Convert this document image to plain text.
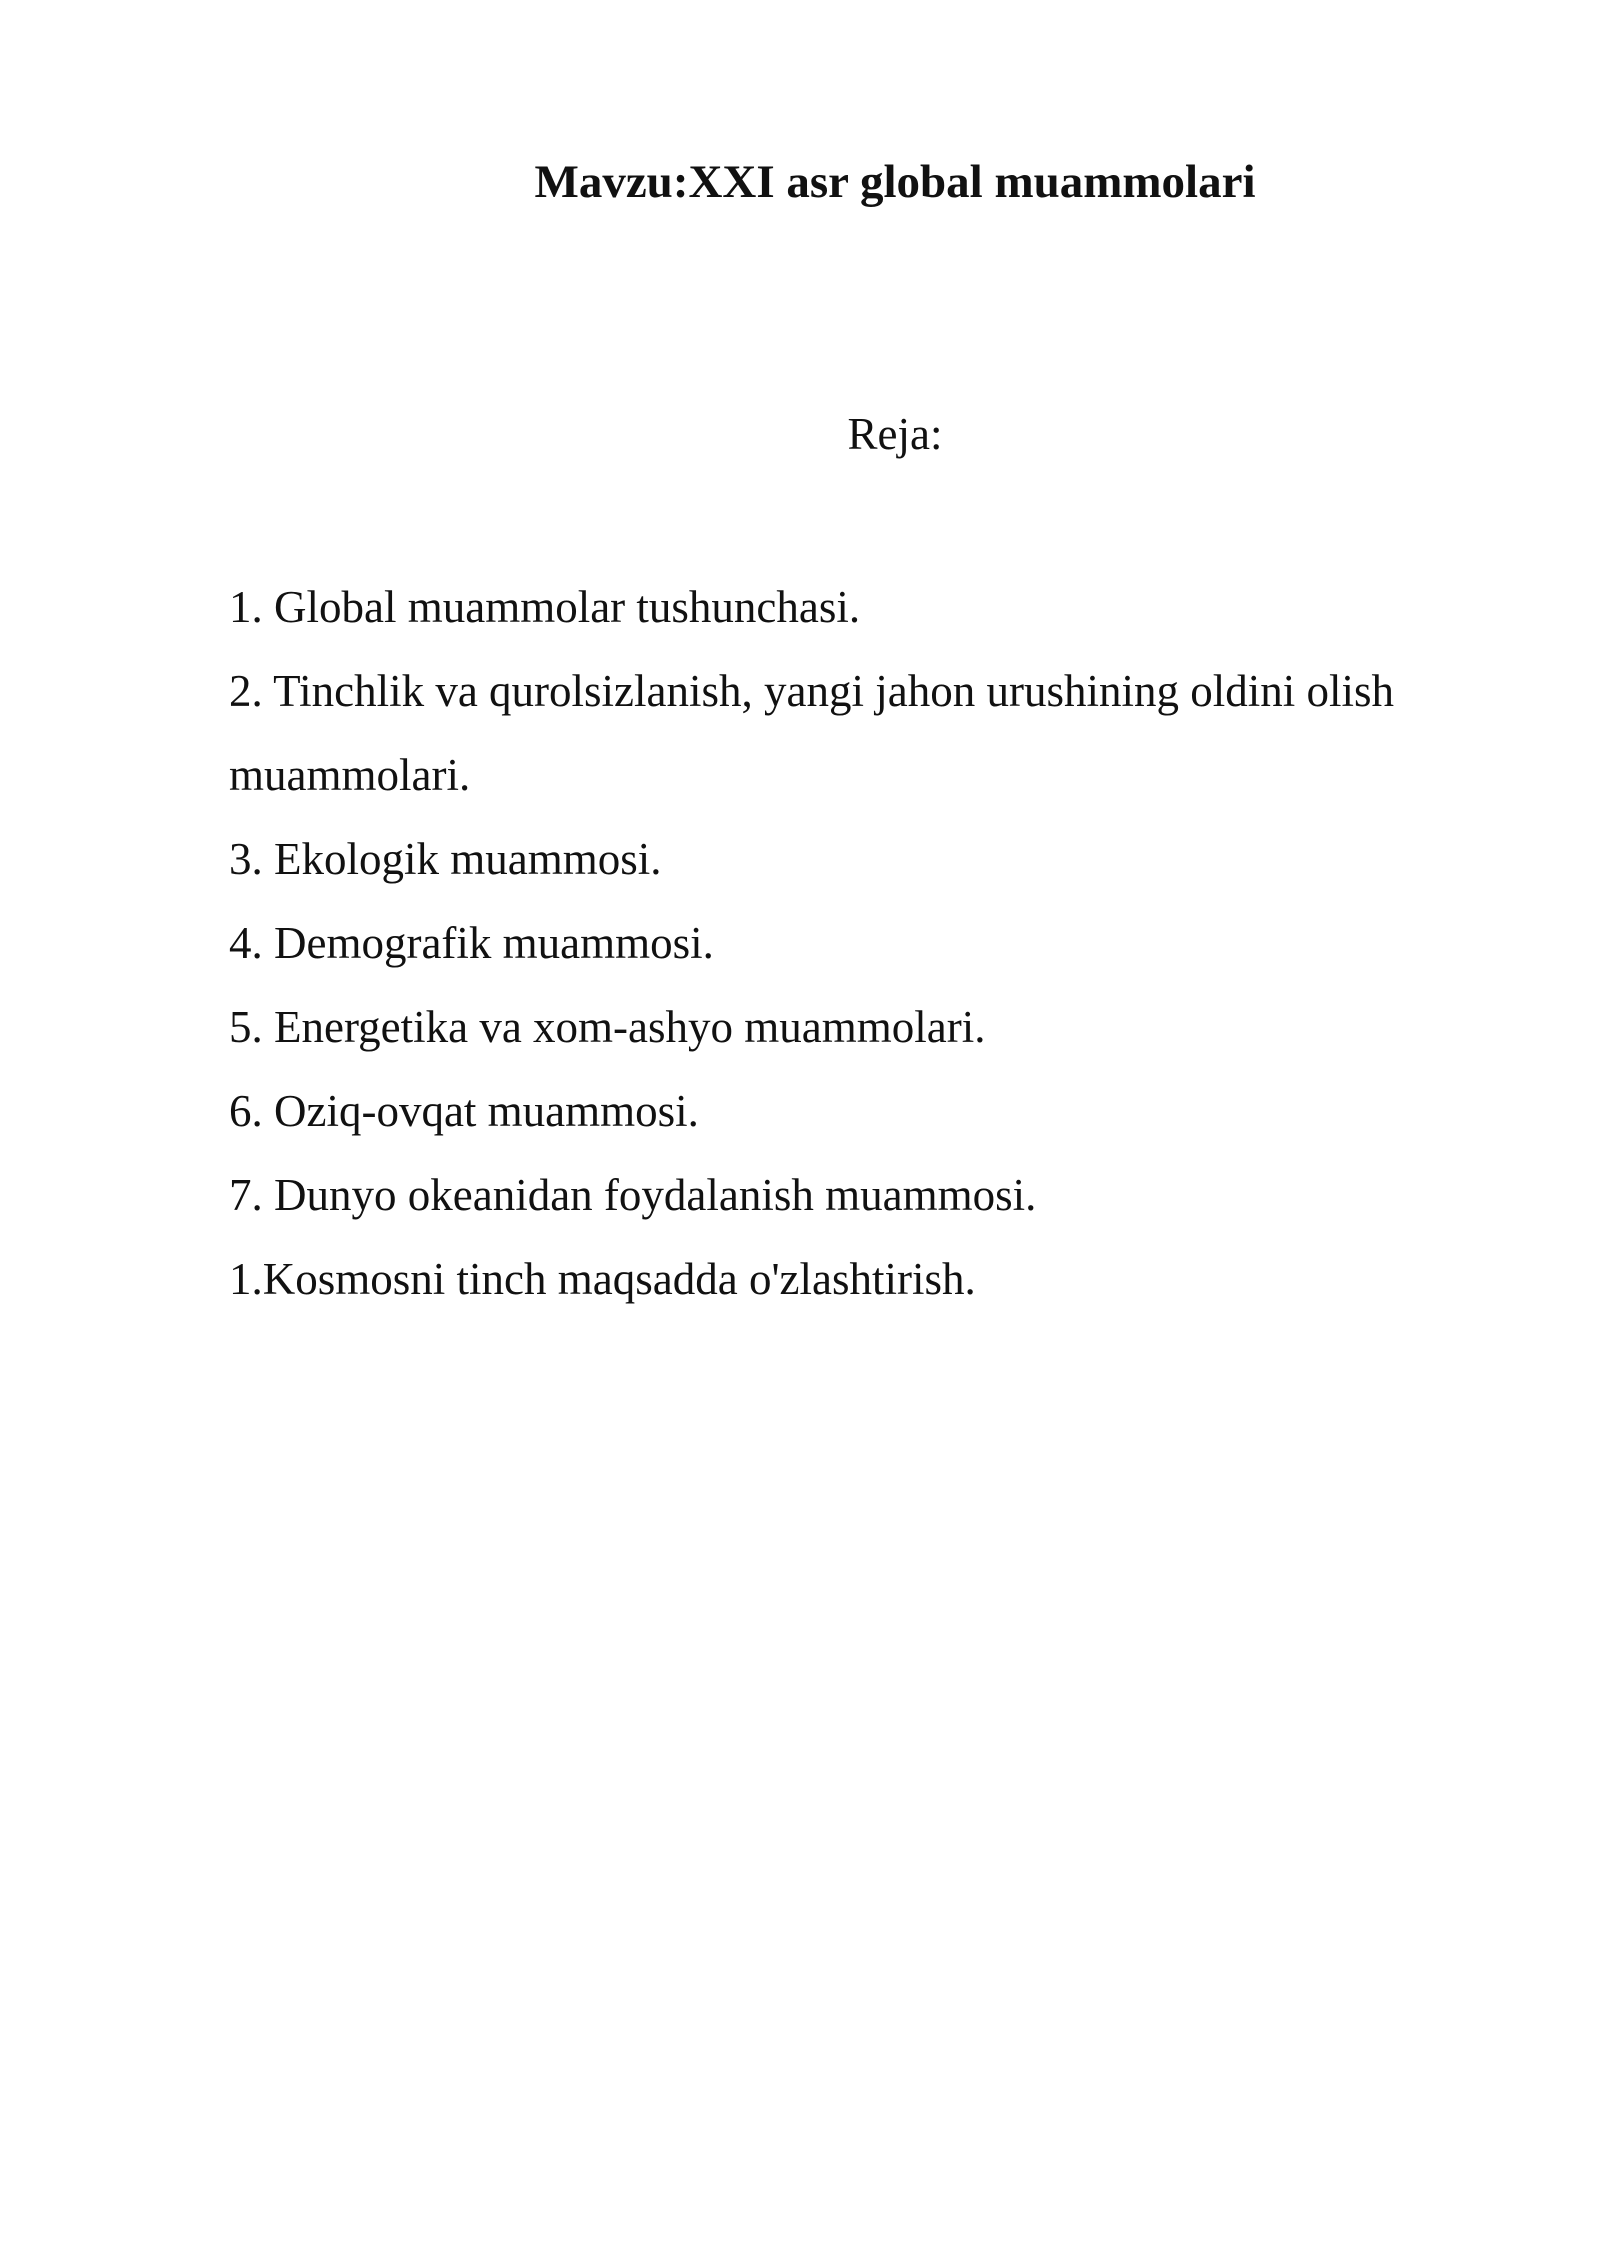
Mavzu:XXI asr global muammolari
Reja:
1. Global muammolar tushunchasi.
2. Tinchlik va qurolsizlanish, yangi jahon urushining oldini olish muammolari.
3. Ekologik muammosi.
4. Demografik muammosi.
5. Energetika va xom-ashyo muammolari.
6. Oziq-ovqat muammosi.
7. Dunyo okeanidan foydalanish muammosi.
1.Kosmosni tinch maqsadda o'zlashtirish.
